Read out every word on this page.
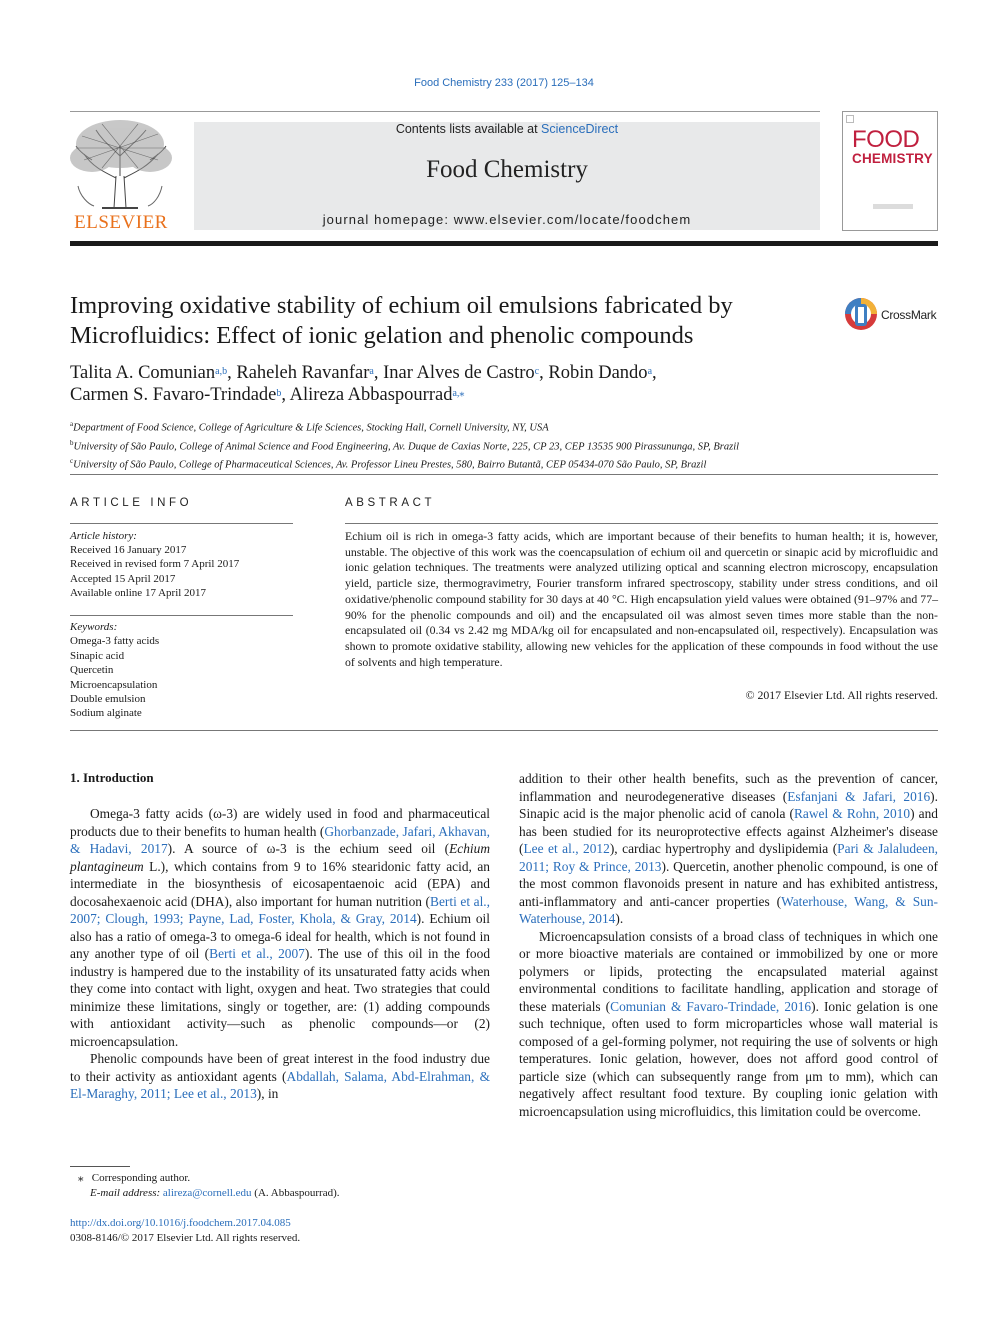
Food Chemistry 233 (2017) 125–134
ELSEVIER
Contents lists available at ScienceDirect
Food Chemistry
journal homepage: www.elsevier.com/locate/foodchem
FOOD
CHEMISTRY
Improving oxidative stability of echium oil emulsions fabricated by Microfluidics: Effect of ionic gelation and phenolic compounds
CrossMark
Talita A. Comunian$^{a,b}$, Raheleh Ravanfar$^a$, Inar Alves de Castro$^c$, Robin Dando$^a$,
Carmen S. Favaro-Trindade$^b$, Alireza Abbaspourrad$^{a,⁎}$
$^a$Department of Food Science, College of Agriculture & Life Sciences, Stocking Hall, Cornell University, NY, USA
$^b$University of São Paulo, College of Animal Science and Food Engineering, Av. Duque de Caxias Norte, 225, CP 23, CEP 13535 900 Pirassununga, SP, Brazil
$^c$University of São Paulo, College of Pharmaceutical Sciences, Av. Professor Lineu Prestes, 580, Bairro Butantã, CEP 05434-070 São Paulo, SP, Brazil
ARTICLE INFO
Article history:
Received 16 January 2017
Received in revised form 7 April 2017
Accepted 15 April 2017
Available online 17 April 2017
Keywords:
Omega-3 fatty acids
Sinapic acid
Quercetin
Microencapsulation
Double emulsion
Sodium alginate
ABSTRACT
Echium oil is rich in omega-3 fatty acids, which are important because of their benefits to human health; it is, however, unstable. The objective of this work was the coencapsulation of echium oil and quercetin or sinapic acid by microfluidic and ionic gelation techniques. The treatments were analyzed utilizing optical and scanning electron microscopy, encapsulation yield, particle size, thermogravimetry, Fourier transform infrared spectroscopy, stability under stress conditions, and oil oxidative/phenolic compound stability for 30 days at 40 °C. High encapsulation yield values were obtained (91–97% and 77–90% for the phenolic compounds and oil) and the encapsulated oil was almost seven times more stable than the non-encapsulated oil (0.34 vs 2.42 mg MDA/kg oil for encapsulated and non-encapsulated oil, respectively). Encapsulation was shown to promote oxidative stability, allowing new vehicles for the application of these compounds in food without the use of solvents and high temperature.
© 2017 Elsevier Ltd. All rights reserved.
1. Introduction

Omega-3 fatty acids (ω-3) are widely used in food and pharmaceutical products due to their benefits to human health (Ghorbanzade, Jafari, Akhavan, & Hadavi, 2017). A source of ω-3 is the echium seed oil (Echium plantagineum L.), which contains from 9 to 16% stearidonic fatty acid, an intermediate in the biosynthesis of eicosapentaenoic acid (EPA) and docosahexaenoic acid (DHA), also important for human nutrition (Berti et al., 2007; Clough, 1993; Payne, Lad, Foster, Khola, & Gray, 2014). Echium oil also has a ratio of omega-3 to omega-6 ideal for health, which is not found in any another type of oil (Berti et al., 2007). The use of this oil in the food industry is hampered due to the instability of its unsaturated fatty acids when they come into contact with light, oxygen and heat. Two strategies that could minimize these limitations, singly or together, are: (1) adding compounds with antioxidant activity—such as phenolic compounds—or (2) microencapsulation.

Phenolic compounds have been of great interest in the food industry due to their activity as antioxidant agents (Abdallah, Salama, Abd-Elrahman, & El-Maraghy, 2011; Lee et al., 2013), in

addition to their other health benefits, such as the prevention of cancer, inflammation and neurodegenerative diseases (Esfanjani & Jafari, 2016). Sinapic acid is the major phenolic acid of canola (Rawel & Rohn, 2010) and has been studied for its neuroprotective effects against Alzheimer's disease (Lee et al., 2012), cardiac hypertrophy and dyslipidemia (Pari & Jalaludeen, 2011; Roy & Prince, 2013). Quercetin, another phenolic compound, is one of the most common flavonoids present in nature and has exhibited antistress, anti-inflammatory and anti-cancer properties (Waterhouse, Wang, & Sun-Waterhouse, 2014).

Microencapsulation consists of a broad class of techniques in which one or more bioactive materials are contained or immobilized by one or more polymers or lipids, protecting the encapsulated material against environmental conditions to facilitate handling, application and storage of these materials (Comunian & Favaro-Trindade, 2016). Ionic gelation is one such technique, often used to form microparticles whose wall material is composed of a gel-forming polymer, not requiring the use of solvents or high temperatures. Ionic gelation, however, does not afford good control of particle size (which can subsequently range from μm to mm), which can negatively affect resultant food texture. By coupling ionic gelation with microencapsulation using microfluidics, this limitation could be overcome.

⁎ Corresponding author.
E-mail address: alireza@cornell.edu (A. Abbaspourrad).
http://dx.doi.org/10.1016/j.foodchem.2017.04.085
0308-8146/© 2017 Elsevier Ltd. All rights reserved.
